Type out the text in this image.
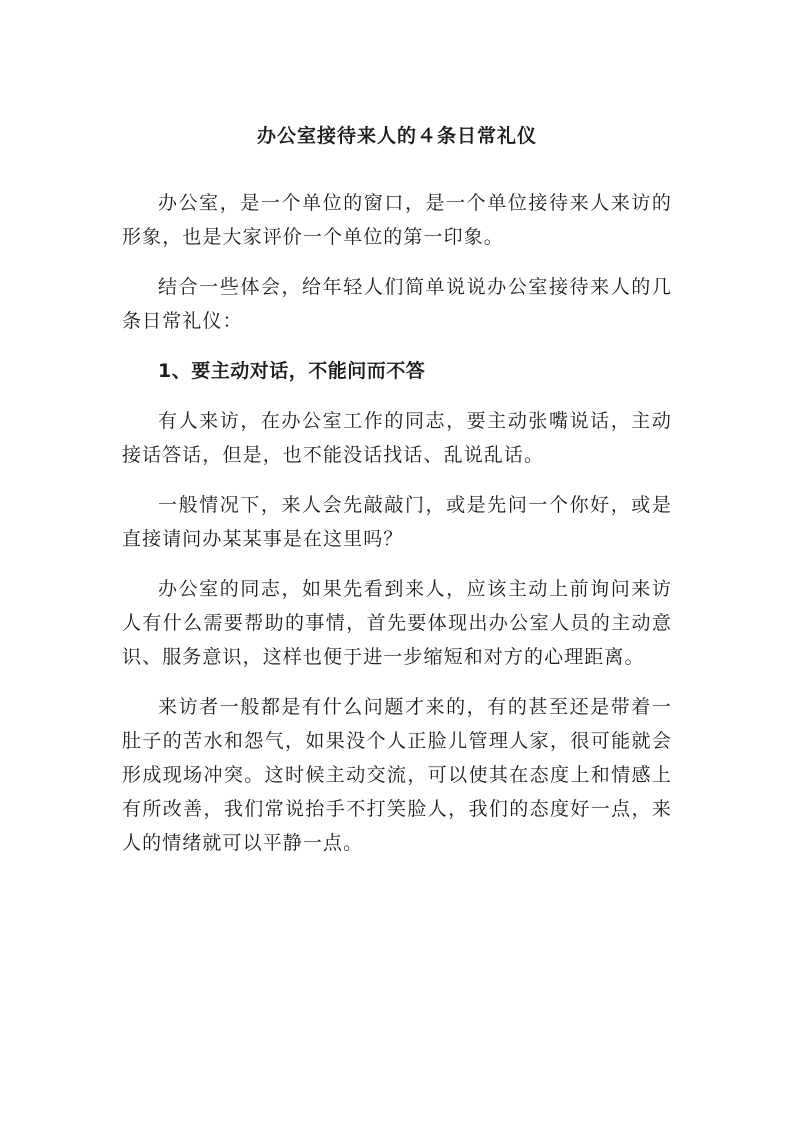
办公室接待来人的４条日常礼仪

办公室，是一个单位的窗口，是一个单位接待来人来访的形象，也是大家评价一个单位的第一印象。

结合一些体会，给年轻人们简单说说办公室接待来人的几条日常礼仪：

1、要主动对话，不能问而不答

有人来访，在办公室工作的同志，要主动张嘴说话，主动接话答话，但是，也不能没话找话、乱说乱话。

一般情况下，来人会先敲敲门，或是先问一个你好，或是直接请问办某某事是在这里吗？

办公室的同志，如果先看到来人，应该主动上前询问来访人有什么需要帮助的事情，首先要体现出办公室人员的主动意识、服务意识，这样也便于进一步缩短和对方的心理距离。

来访者一般都是有什么问题才来的，有的甚至还是带着一肚子的苦水和怨气，如果没个人正脸儿管理人家，很可能就会形成现场冲突。这时候主动交流，可以使其在态度上和情感上有所改善，我们常说抬手不打笑脸人，我们的态度好一点，来人的情绪就可以平静一点。
